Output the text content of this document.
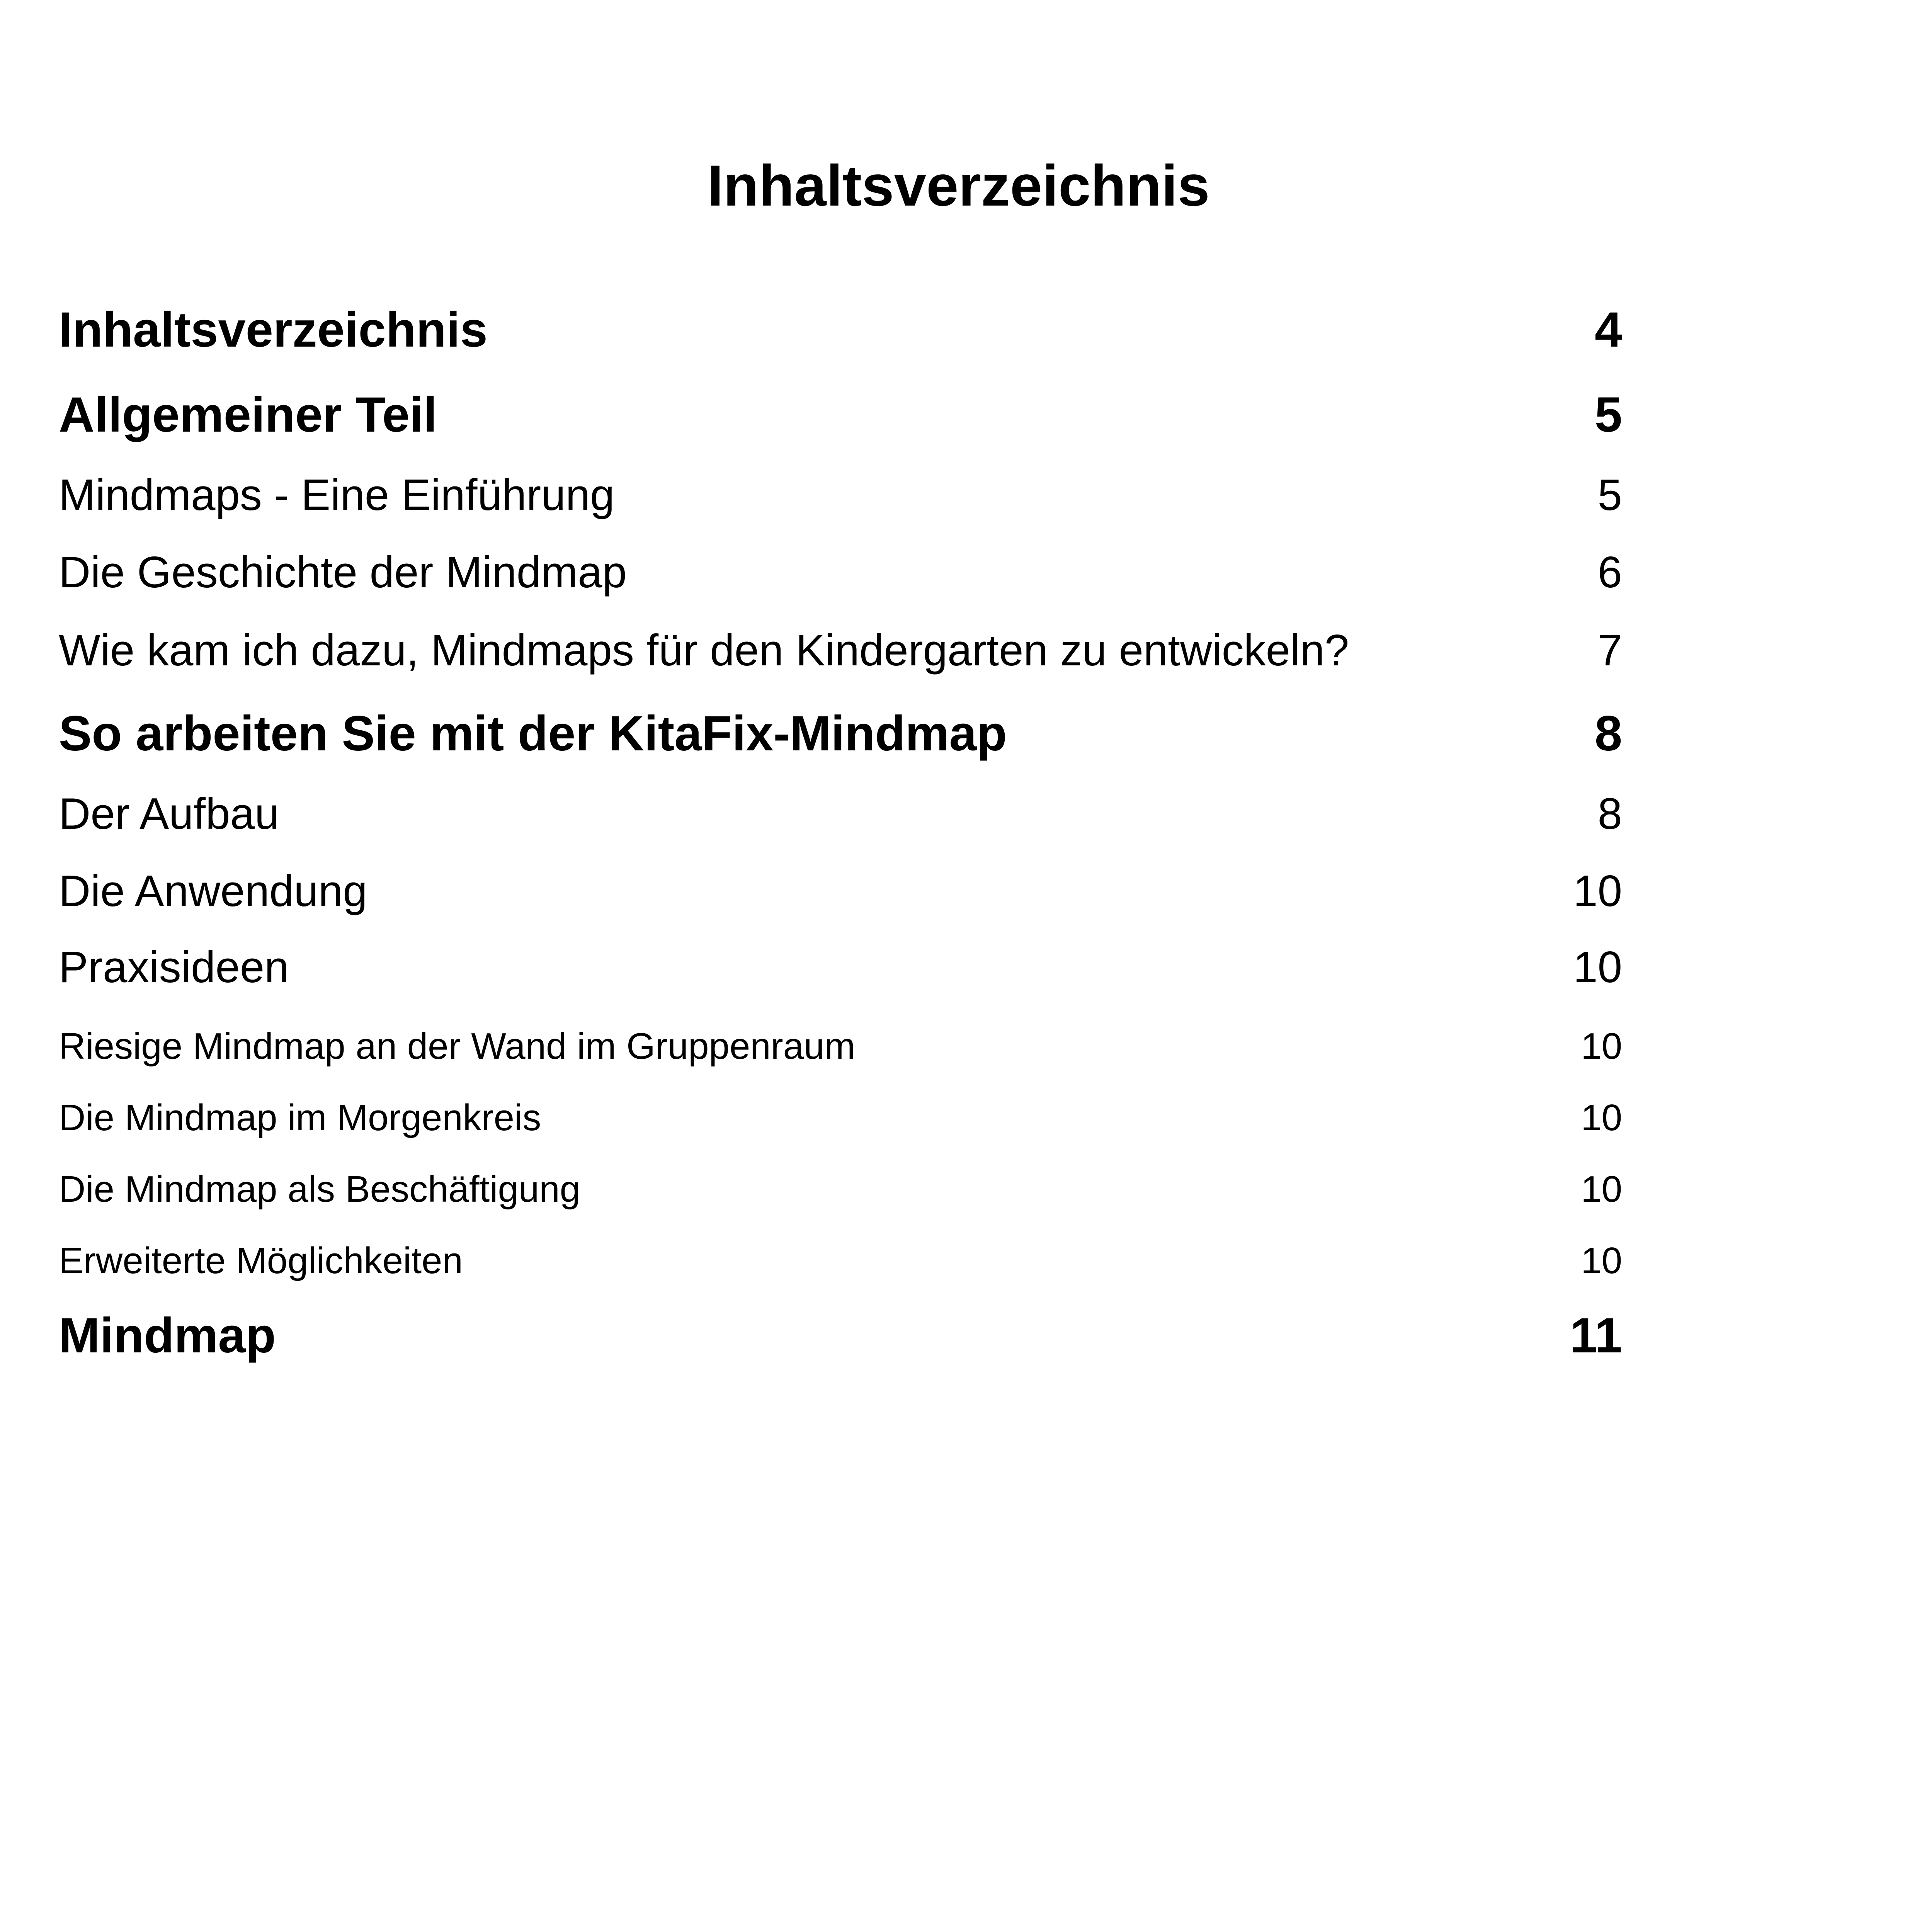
Inhaltsverzeichnis
Inhaltsverzeichnis	4
Allgemeiner Teil	5
Mindmaps - Eine Einführung	5
Die Geschichte der Mindmap	6
Wie kam ich dazu, Mindmaps für den Kindergarten zu entwickeln?	7
So arbeiten Sie mit der KitaFix-Mindmap	8
Der Aufbau	8
Die Anwendung	10
Praxisideen	10
Riesige Mindmap an der Wand im Gruppenraum	10
Die Mindmap im Morgenkreis	10
Die Mindmap als Beschäftigung	10
Erweiterte Möglichkeiten	10
Mindmap	11
